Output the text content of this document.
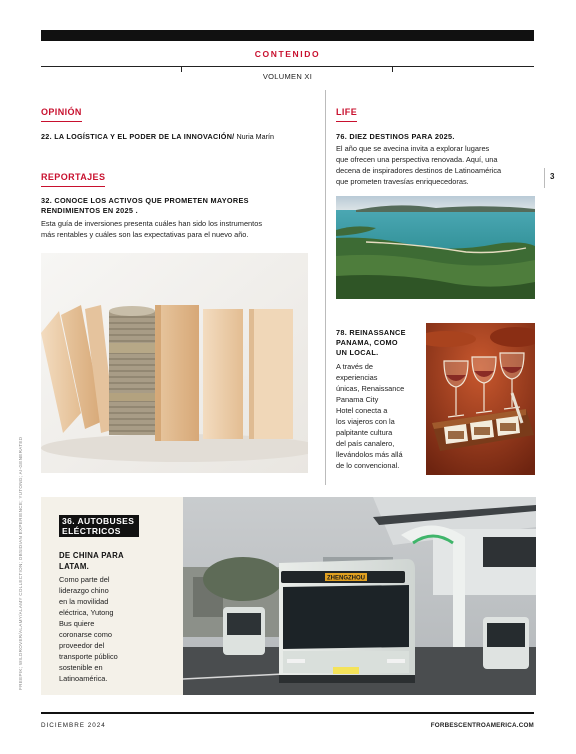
CONTENIDO
VOLUMEN XI
OPINIÓN
22. LA LOGÍSTICA Y EL PODER DE LA INNOVACIÓN/ Nuria Marín
REPORTAJES
32. CONOCE LOS ACTIVOS QUE PROMETEN MAYORES
RENDIMIENTOS EN 2025 .
Esta guía de inversiones presenta cuáles han sido los instrumentos
más rentables y cuáles son las expectativas para el nuevo año.
LIFE
76. DIEZ DESTINOS PARA 2025.
El año que se avecina invita a explorar lugares
que ofrecen una perspectiva renovada. Aquí, una
decena de inspiradores destinos de Latinoamérica
que prometen travesías enriquecedoras.
78. REINASSANCE
PANAMA, COMO
UN LOCAL.
A través de
experiencias
únicas, Renaissance
Panama City
Hotel conecta a
los viajeros con la
palpitante cultura
del país canalero,
llevándolos más allá
de lo convencional.
3
36. AUTOBUSES
ELÉCTRICOS
DE CHINA PARA
LATAM.
Como parte del
liderazgo chino
en la movilidad
eléctrica, Yutong
Bus quiere
coronarse como
proveedor del
transporte público
sostenible en
Latinoamérica.
ZHENGZHOU
FREEPIK; WILDROVER/ALAMY/ALAMY COLLECTION; OBSIDIAN EXPERIENCE; YUTONG; AI-GENERATED
DICIEMBRE 2024	FORBESCENTROAMERICA.COM
